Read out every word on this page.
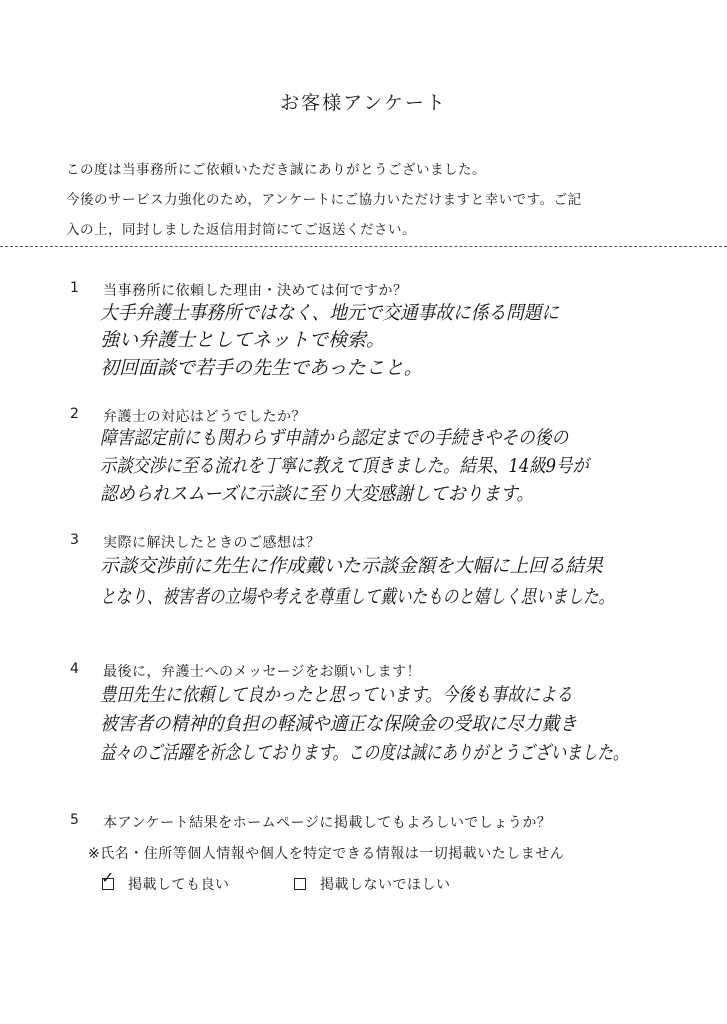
お客様アンケート
この度は当事務所にご依頼いただき誠にありがとうございました。
今後のサービス力強化のため，アンケートにご協力いただけますと幸いです。ご記
入の上，同封しました返信用封筒にてご返送ください。
1 当事務所に依頼した理由・決めては何ですか？
大手弁護士事務所ではなく、地元で交通事故に係る問題に
強い弁護士としてネットで検索。
初回面談で若手の先生であったこと。
2 弁護士の対応はどうでしたか？
障害認定前にも関わらず申請から認定までの手続きやその後の
示談交渉に至る流れを丁寧に教えて頂きました。結果、14級9号が
認められスムーズに示談に至り大変感謝しております。
3 実際に解決したときのご感想は？
示談交渉前に先生に作成戴いた示談金額を大幅に上回る結果
となり、被害者の立場や考えを尊重して戴いたものと嬉しく思いました。
4 最後に，弁護士へのメッセージをお願いします！
豊田先生に依頼して良かったと思っています。今後も事故による
被害者の精神的負担の軽減や適正な保険金の受取に尽力戴き
益々のご活躍を祈念しております。この度は誠にありがとうございました。
5 本アンケート結果をホームページに掲載してもよろしいでしょうか？
※氏名・住所等個人情報や個人を特定できる情報は一切掲載いたしません
✓ 掲載しても良い	掲載しないでほしい
